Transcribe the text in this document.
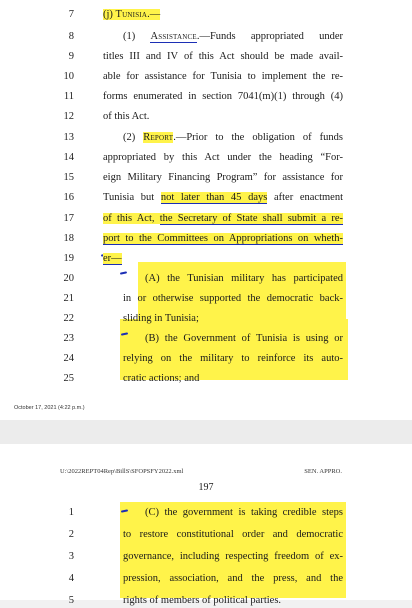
7	(j) Tunisia.—
8	(1) Assistance.—Funds appropriated under
9	titles III and IV of this Act should be made avail-
10	able for assistance for Tunisia to implement the re-
11	forms enumerated in section 7041(m)(1) through (4)
12	of this Act.
13	(2) Report.—Prior to the obligation of funds
14	appropriated by this Act under the heading “For-
15	eign Military Financing Program” for assistance for
16	Tunisia but not later than 45 days after enactment
17	of this Act, the Secretary of State shall submit a re-
18	port to the Committees on Appropriations on wheth-
19	er—
20	(A) the Tunisian military has participated
21	in or otherwise supported the democratic back-
22	sliding in Tunisia;
23	(B) the Government of Tunisia is using or
24	relying on the military to reinforce its auto-
25	cratic actions; and
October 17, 2021 (4:22 p.m.)
U:\2022REPT04Rep\BillS\SFOPSFY2022.xml	SEN. APPRO.
197
1	(C) the government is taking credible steps
2	to restore constitutional order and democratic
3	governance, including respecting freedom of ex-
4	pression, association, and the press, and the
5	rights of members of political parties.
